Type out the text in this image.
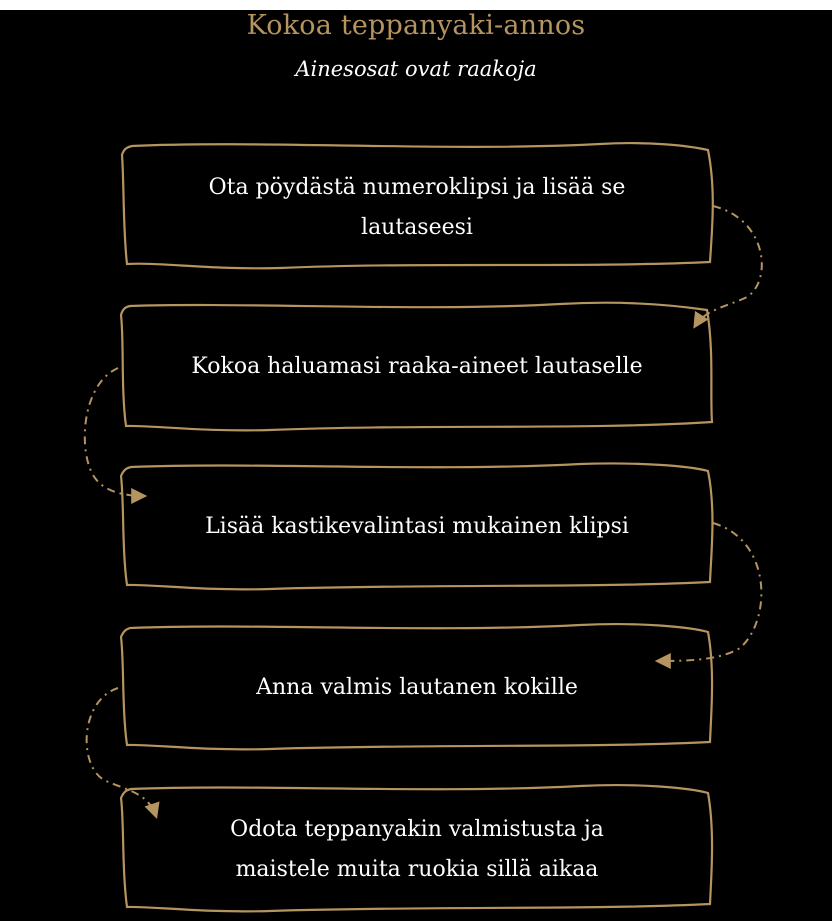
Kokoa teppanyaki-annos
Ainesosat ovat raakoja
Ota pöydästä numeroklipsi ja lisää se
lautaseesi
Kokoa haluamasi raaka-aineet lautaselle
Lisää kastikevalintasi mukainen klipsi
Anna valmis lautanen kokille
Odota teppanyakin valmistusta ja
maistele muita ruokia sillä aikaa
